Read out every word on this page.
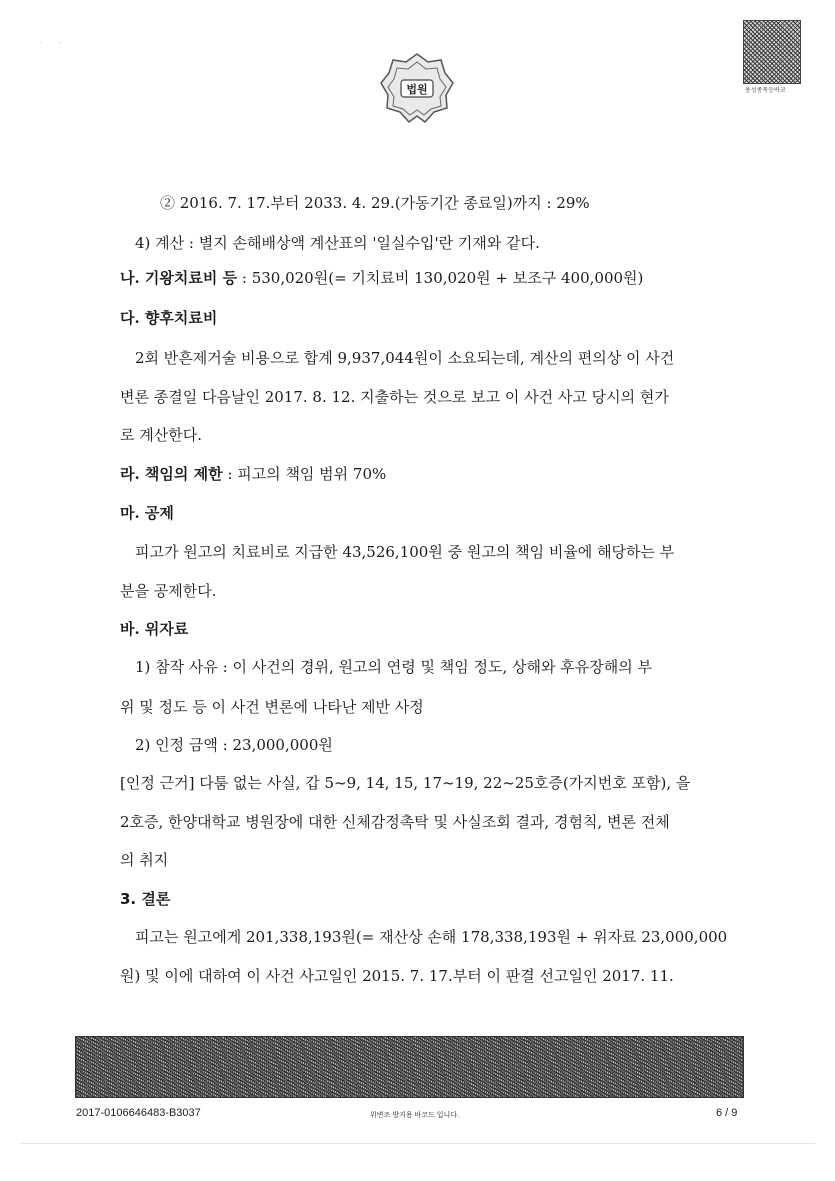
법원
·         ·
용성종목등바코
② 2016. 7. 17.부터 2033. 4. 29.(가동기간 종료일)까지 : 29%
4) 계산 : 별지 손해배상액 계산표의 '일실수입'란 기재와 같다.
나. 기왕치료비 등 : 530,020원(= 기치료비 130,020원 + 보조구 400,000원)
다. 향후치료비
2회 반흔제거술 비용으로 합계 9,937,044원이 소요되는데, 계산의 편의상 이 사건
변론 종결일 다음날인 2017. 8. 12. 지출하는 것으로 보고 이 사건 사고 당시의 현가
로 계산한다.
라. 책임의 제한 : 피고의 책임 범위 70%
마. 공제
피고가 원고의 치료비로 지급한 43,526,100원 중 원고의 책임 비율에 해당하는 부
분을 공제한다.
바. 위자료
1) 참작 사유 : 이 사건의 경위, 원고의 연령 및 책임 정도, 상해와 후유장해의 부
위 및 정도 등 이 사건 변론에 나타난 제반 사정
2) 인정 금액 : 23,000,000원
[인정 근거] 다툼 없는 사실, 갑 5~9, 14, 15, 17~19, 22~25호증(가지번호 포함), 을
2호증, 한양대학교 병원장에 대한 신체감정촉탁 및 사실조회 결과, 경험칙, 변론 전체
의 취지
3. 결론
피고는 원고에게 201,338,193원(= 재산상 손해 178,338,193원 + 위자료 23,000,000
원) 및 이에 대하여 이 사건 사고일인 2015. 7. 17.부터 이 판결 선고일인 2017. 11.
2017-0106646483-B3037	위변조 방지용 바코드 입니다.	6 / 9
